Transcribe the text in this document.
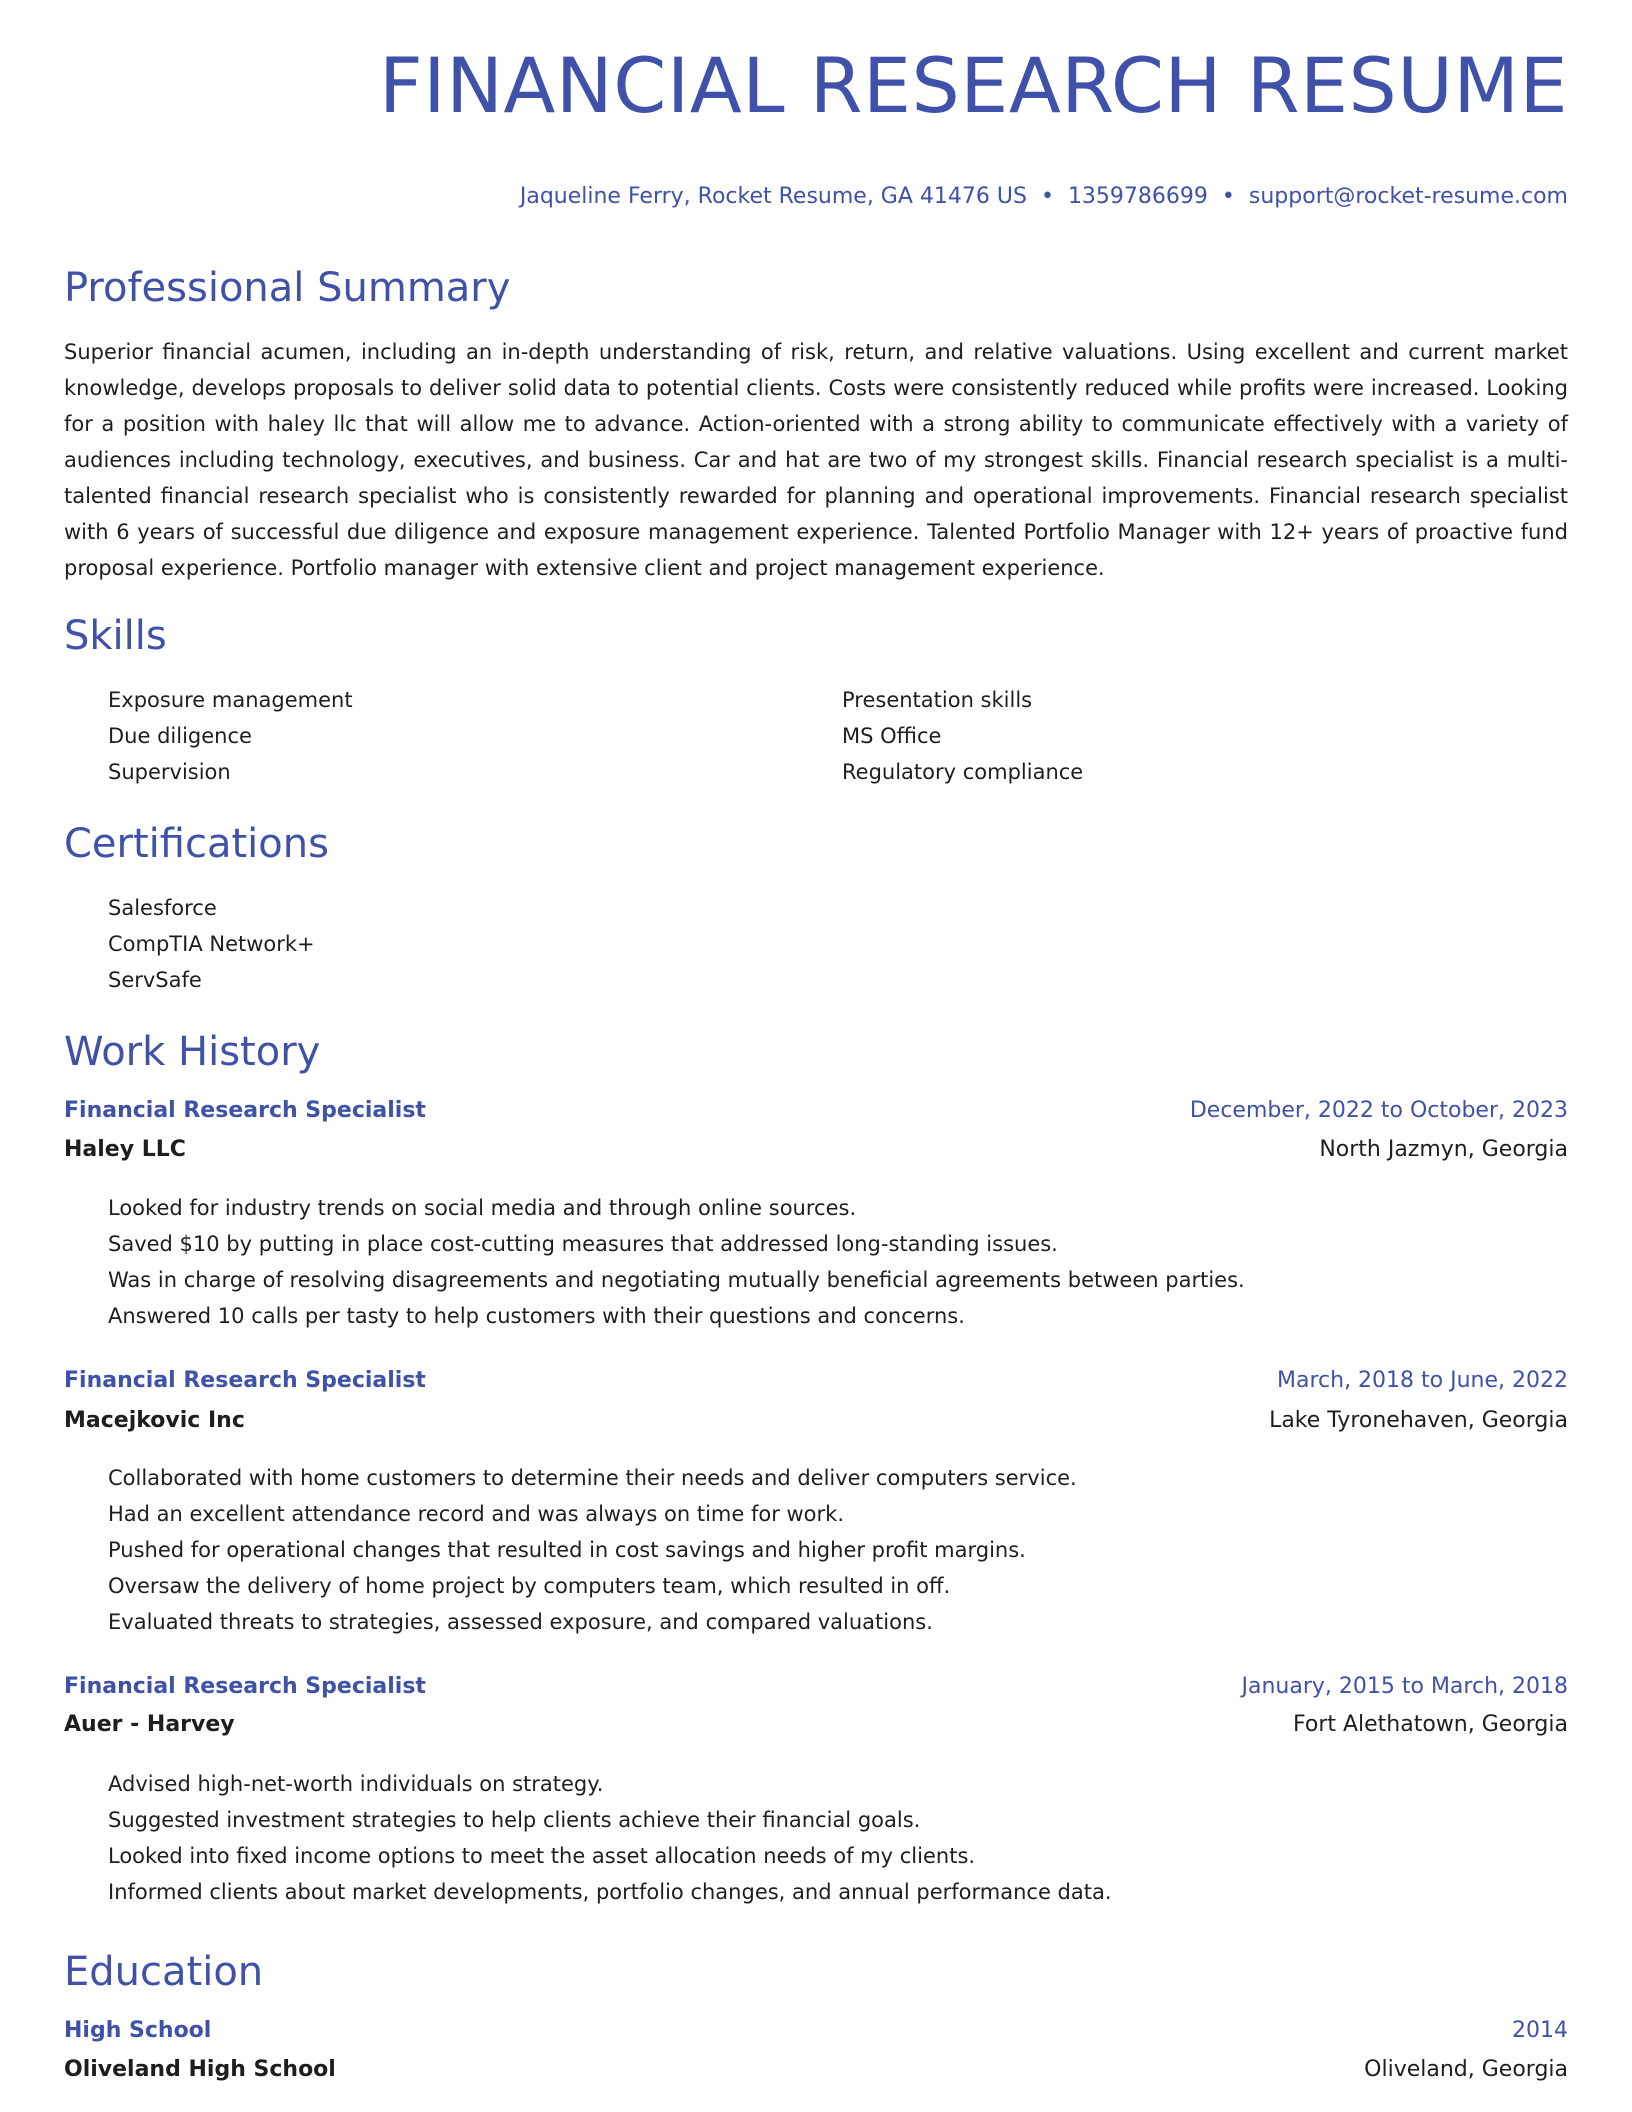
FINANCIAL RESEARCH RESUME
Jaqueline Ferry, Rocket Resume, GA 41476 US • 1359786699 • support@rocket-resume.com
Professional Summary

Superior financial acumen, including an in-depth understanding of risk, return, and relative valuations. Using excellent and current market knowledge, develops proposals to deliver solid data to potential clients. Costs were consistently reduced while profits were increased. Looking for a position with haley llc that will allow me to advance. Action-oriented with a strong ability to communicate effectively with a variety of audiences including technology, executives, and business. Car and hat are two of my strongest skills. Financial research specialist is a multi-talented financial research specialist who is consistently rewarded for planning and operational improvements. Financial research specialist with 6 years of successful due diligence and exposure management experience. Talented Portfolio Manager with 12+ years of proactive fund proposal experience. Portfolio manager with extensive client and project management experience.

Skills
• Exposure management
• Due diligence
• Supervision
• Presentation skills
• MS Office
• Regulatory compliance
Certifications
• Salesforce
• CompTIA Network+
• ServSafe
Work History
Financial Research Specialist	December, 2022 to October, 2023
Haley LLC	North Jazmyn, Georgia
• Looked for industry trends on social media and through online sources.
• Saved $10 by putting in place cost-cutting measures that addressed long-standing issues.
• Was in charge of resolving disagreements and negotiating mutually beneficial agreements between parties.
• Answered 10 calls per tasty to help customers with their questions and concerns.
Financial Research Specialist	March, 2018 to June, 2022
Macejkovic Inc	Lake Tyronehaven, Georgia
• Collaborated with home customers to determine their needs and deliver computers service.
• Had an excellent attendance record and was always on time for work.
• Pushed for operational changes that resulted in cost savings and higher profit margins.
• Oversaw the delivery of home project by computers team, which resulted in off.
• Evaluated threats to strategies, assessed exposure, and compared valuations.
Financial Research Specialist	January, 2015 to March, 2018
Auer - Harvey	Fort Alethatown, Georgia
• Advised high-net-worth individuals on strategy.
• Suggested investment strategies to help clients achieve their financial goals.
• Looked into fixed income options to meet the asset allocation needs of my clients.
• Informed clients about market developments, portfolio changes, and annual performance data.
Education
High School	2014
Oliveland High School	Oliveland, Georgia
